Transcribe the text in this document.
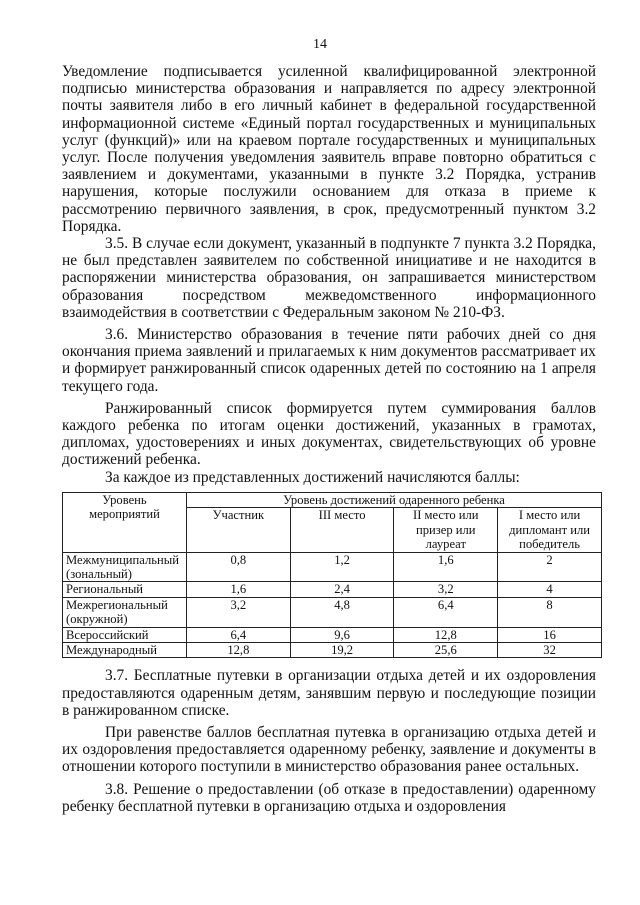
14

Уведомление подписывается усиленной квалифицированной электронной подписью министерства образования и направляется по адресу электронной почты заявителя либо в его личный кабинет в федеральной государственной информационной системе «Единый портал государственных и муниципальных услуг (функций)» или на краевом портале государственных и муниципальных услуг. После получения уведомления заявитель вправе повторно обратиться с заявлением и документами, указанными в пункте 3.2 Порядка, устранив нарушения, которые послужили основанием для отказа в приеме к рассмотрению первичного заявления, в срок, предусмотренный пунктом 3.2 Порядка.

3.5. В случае если документ, указанный в подпункте 7 пункта 3.2 Порядка, не был представлен заявителем по собственной инициативе и не находится в распоряжении министерства образования, он запрашивается министерством образования посредством межведомственного информационного взаимодействия в соответствии с Федеральным законом № 210-ФЗ.

3.6. Министерство образования в течение пяти рабочих дней со дня окончания приема заявлений и прилагаемых к ним документов рассматривает их и формирует ранжированный список одаренных детей по состоянию на 1 апреля текущего года.

Ранжированный список формируется путем суммирования баллов каждого ребенка по итогам оценки достижений, указанных в грамотах, дипломах, удостоверениях и иных документах, свидетельствующих об уровне достижений ребенка.

За каждое из представленных достижений начисляются баллы:

Уровень мероприятий	Уровень достижений одаренного ребенка			
	Участник	III место	II место или призер или лауреат	I место или дипломант или победитель
Межмуниципальный (зональный)	0,8	1,2	1,6	2
Региональный	1,6	2,4	3,2	4
Межрегиональный (окружной)	3,2	4,8	6,4	8
Всероссийский	6,4	9,6	12,8	16
Международный	12,8	19,2	25,6	32

3.7. Бесплатные путевки в организации отдыха детей и их оздоровления предоставляются одаренным детям, занявшим первую и последующие позиции в ранжированном списке.

При равенстве баллов бесплатная путевка в организацию отдыха детей и их оздоровления предоставляется одаренному ребенку, заявление и документы в отношении которого поступили в министерство образования ранее остальных.

3.8. Решение о предоставлении (об отказе в предоставлении) одаренному ребенку бесплатной путевки в организацию отдыха и оздоровления
